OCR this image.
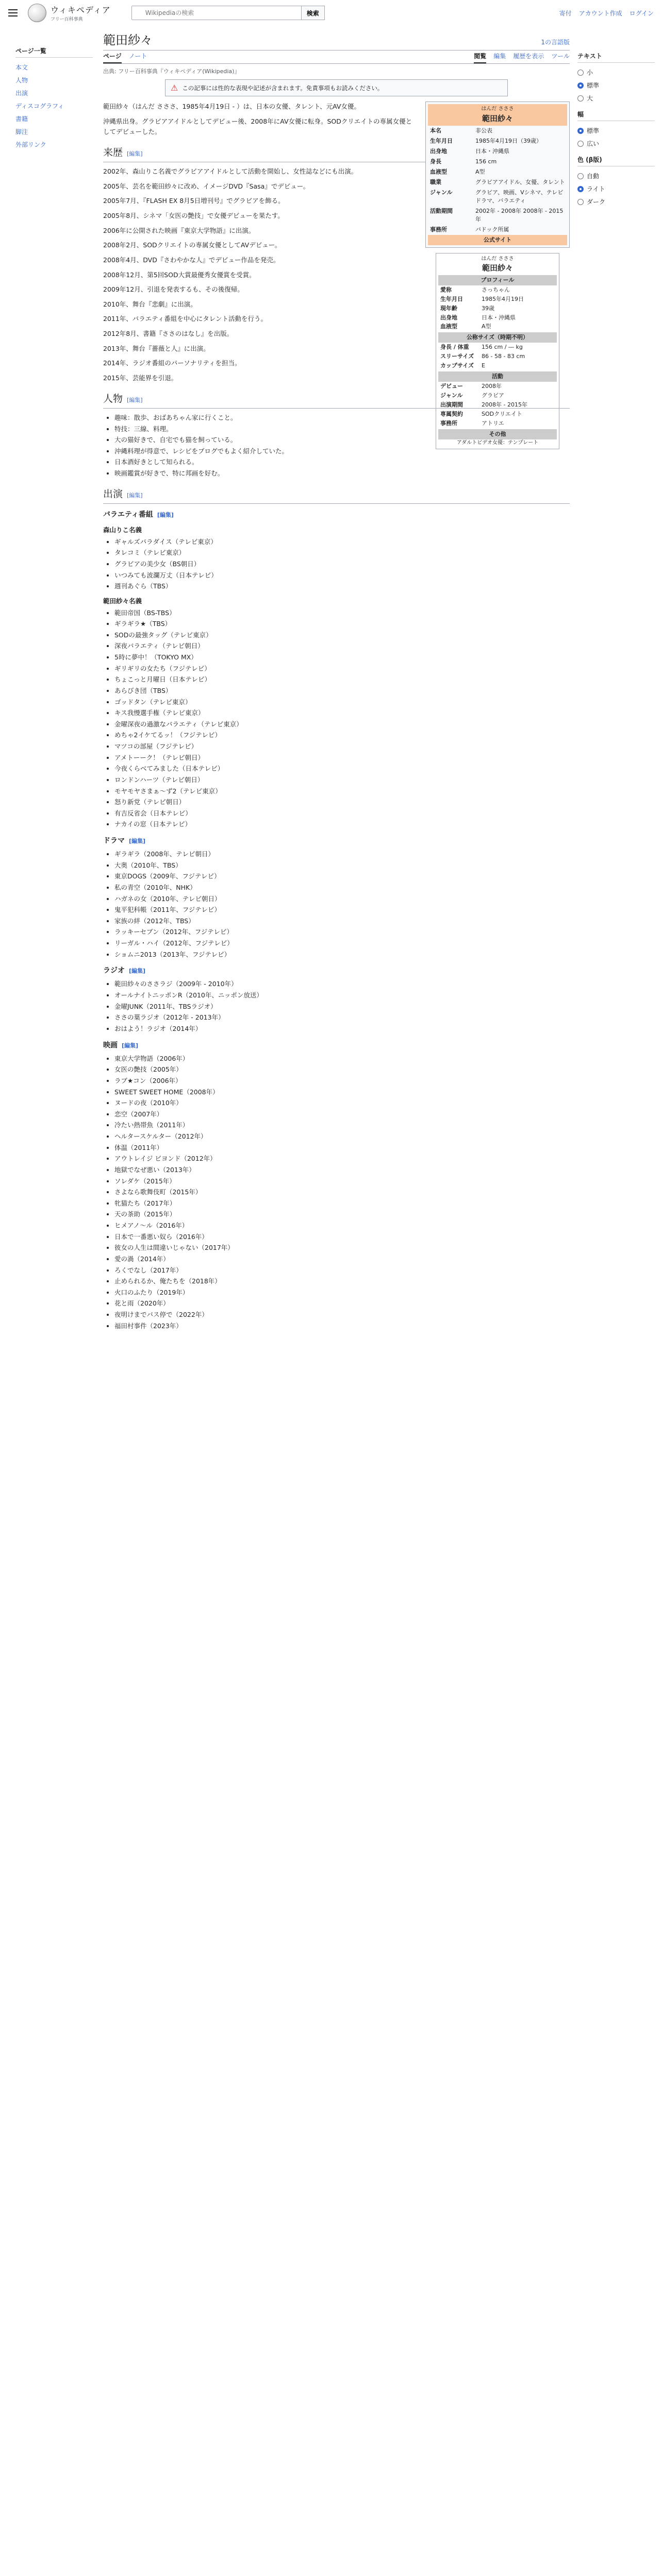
ウィキペディア
フリー百科事典
Wikipediaの検索
検索	寄付 アカウント作成 ログイン
ページ一覧
本文
人物
出演
ディスコグラフィ
書籍
脚注
外部リンク
テキスト
小
標準
大
幅
標準
広い
色 (β版)
自動
ライト
ダーク
範田紗々	1の言語版
ページ ノート	閲覧 編集 履歴を表示 ツール
出典: フリー百科事典『ウィキペディア(Wikipedia)』
⚠ この記事には性的な表現や記述が含まれます。免責事項もお読みください。
はんだ さささ
範田紗々
本名	非公表
生年月日	1985年4月19日（39歳）
出身地	日本・沖縄県
身長	156 cm
血液型	A型
職業	グラビアアイドル、女優、タレント
ジャンル	グラビア、映画、Vシネマ、テレビドラマ、バラエティ
活動期間	2002年 - 2008年 2008年 - 2015年
事務所	パドック所属
公式サイト
はんだ さささ
範田紗々
プロフィール
愛称	さっちゃん
生年月日	1985年4月19日
現年齢	39歳
出身地	日本・沖縄県
血液型	A型
公称サイズ（時期不明）
身長 / 体重	156 cm / ― kg
スリーサイズ	86 - 58 - 83 cm
カップサイズ	E
活動
デビュー	2008年
ジャンル	グラビア
出演期間	2008年 - 2015年
専属契約	SODクリエイト
事務所	アトリエ
その他
アダルトビデオ女優：テンプレート

範田紗々（はんだ さささ、1985年4月19日 - ）は、日本の女優、タレント、元AV女優。

沖縄県出身。グラビアアイドルとしてデビュー後、2008年にAV女優に転身。SODクリエイトの専属女優としてデビューした。

来歴 [編集]

2002年、森山りこ名義でグラビアアイドルとして活動を開始し、女性誌などにも出演。

2005年、芸名を範田紗々に改め、イメージDVD『Sasa』でデビュー。

2005年7月、『FLASH EX 8月5日増刊号』でグラビアを飾る。

2005年8月、シネマ「女医の艶技」で女優デビューを果たす。

2006年に公開された映画『東京大学物語』に出演。

2008年2月、SODクリエイトの専属女優としてAVデビュー。

2008年4月、DVD『さわやかな人』でデビュー作品を発売。

2008年12月、第5回SOD大賞最優秀女優賞を受賞。

2009年12月、引退を発表するも、その後復帰。

2010年、舞台『悲劇』に出演。

2011年、バラエティ番組を中心にタレント活動を行う。

2012年8月、書籍『ささのはなし』を出版。

2013年、舞台『薔薇と人』に出演。

2014年、ラジオ番組のパーソナリティを担当。

2015年、芸能界を引退。

人物 [編集]
• 趣味：散歩、おばあちゃん家に行くこと。
• 特技：三線、料理。
• 大の猫好きで、自宅でも猫を飼っている。
• 沖縄料理が得意で、レシピをブログでもよく紹介していた。
• 日本酒好きとして知られる。
• 映画鑑賞が好きで、特に邦画を好む。
出演 [編集]
バラエティ番組 [編集]
森山りこ名義
• ギャルズパラダイス（テレビ東京）
• タレコミ（テレビ東京）
• グラビアの美少女（BS朝日）
• いつみても波瀾万丈（日本テレビ）
• 週刊あぐら（TBS）
範田紗々名義
• 範田帝国（BS-TBS）
• ギラギラ★（TBS）
• SODの最強タッグ（テレビ東京）
• 深夜バラエティ（テレビ朝日）
• 5時に夢中！（TOKYO MX）
• ギリギリの女たち（フジテレビ）
• ちょこっと月曜日（日本テレビ）
• あらびき団（TBS）
• ゴッドタン（テレビ東京）
• キス我慢選手権（テレビ東京）
• 金曜深夜の過激なバラエティ（テレビ東京）
• めちゃ2イケてるッ！（フジテレビ）
• マツコの部屋（フジテレビ）
• アメトーーク！（テレビ朝日）
• 今夜くらべてみました（日本テレビ）
• ロンドンハーツ（テレビ朝日）
• モヤモヤさまぁ～ず2（テレビ東京）
• 怒り新党（テレビ朝日）
• 有吉反省会（日本テレビ）
• ナカイの窓（日本テレビ）
ドラマ [編集]
• ギラギラ（2008年、テレビ朝日）
• 大奥（2010年、TBS）
• 東京DOGS（2009年、フジテレビ）
• 私の青空（2010年、NHK）
• ハガネの女（2010年、テレビ朝日）
• 鬼平犯科帳（2011年、フジテレビ）
• 家族の絆（2012年、TBS）
• ラッキーセブン（2012年、フジテレビ）
• リーガル・ハイ（2012年、フジテレビ）
• ショムニ2013（2013年、フジテレビ）
ラジオ [編集]
• 範田紗々のささラジ（2009年 - 2010年）
• オールナイトニッポンR（2010年、ニッポン放送）
• 金曜JUNK（2011年、TBSラジオ）
• ささの葉ラジオ（2012年 - 2013年）
• おはよう！ラジオ（2014年）
映画 [編集]
• 東京大学物語（2006年）
• 女医の艶技（2005年）
• ラブ★コン（2006年）
• SWEET SWEET HOME（2008年）
• ヌードの夜（2010年）
• 恋空（2007年）
• 冷たい熱帯魚（2011年）
• ヘルタースケルター（2012年）
• 体温（2011年）
• アウトレイジ ビヨンド（2012年）
• 地獄でなぜ悪い（2013年）
• ソレダケ（2015年）
• さよなら歌舞伎町（2015年）
• 牝猫たち（2017年）
• 天の茶助（2015年）
• ヒメアノ〜ル（2016年）
• 日本で一番悪い奴ら（2016年）
• 彼女の人生は間違いじゃない（2017年）
• 愛の渦（2014年）
• ろくでなし（2017年）
• 止められるか、俺たちを（2018年）
• 火口のふたり（2019年）
• 花と雨（2020年）
• 夜明けまでバス停で（2022年）
• 福田村事件（2023年）
